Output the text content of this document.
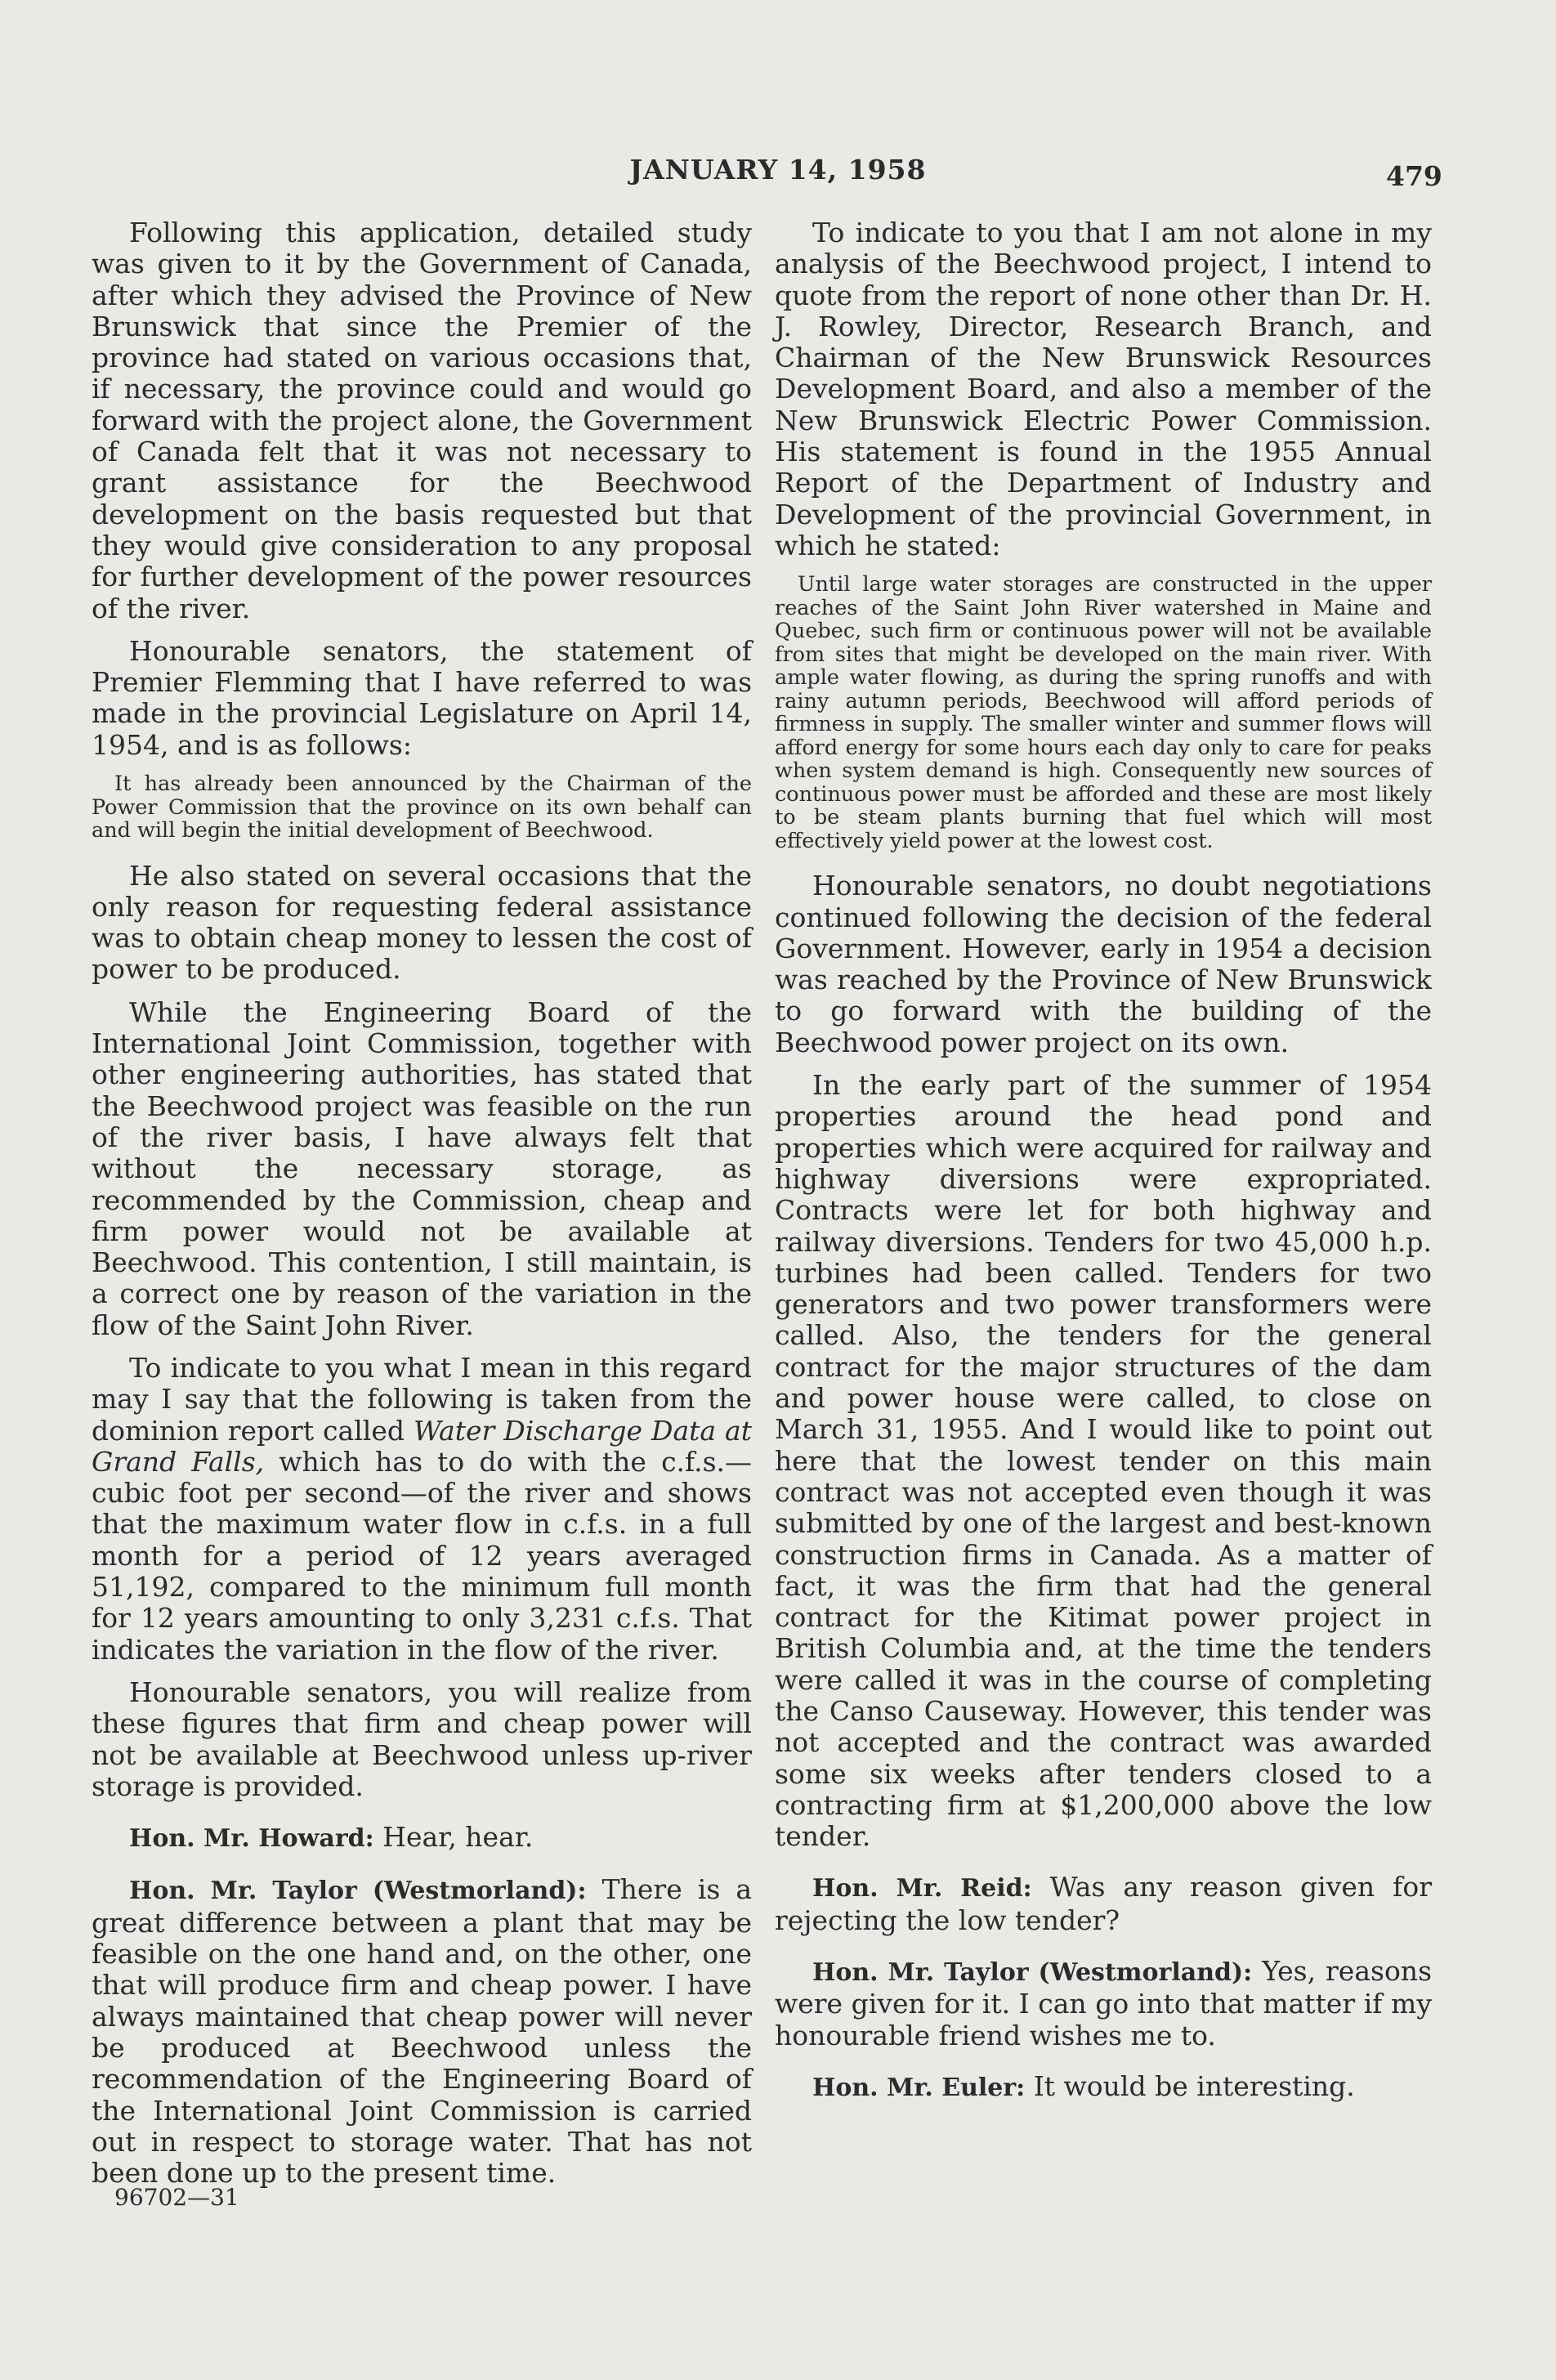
JANUARY 14, 1958	479

Following this application, detailed study was given to it by the Government of Canada, after which they advised the Province of New Brunswick that since the Premier of the province had stated on various occasions that, if necessary, the province could and would go forward with the project alone, the Government of Canada felt that it was not necessary to grant assistance for the Beechwood development on the basis requested but that they would give consideration to any proposal for further development of the power resources of the river.

Honourable senators, the statement of Premier Flemming that I have referred to was made in the provincial Legislature on April 14, 1954, and is as follows:

It has already been announced by the Chairman of the Power Commission that the province on its own behalf can and will begin the initial development of Beechwood.

He also stated on several occasions that the only reason for requesting federal assistance was to obtain cheap money to lessen the cost of power to be produced.

While the Engineering Board of the International Joint Commission, together with other engineering authorities, has stated that the Beechwood project was feasible on the run of the river basis, I have always felt that without the necessary storage, as recommended by the Commission, cheap and firm power would not be available at Beechwood. This contention, I still maintain, is a correct one by reason of the variation in the flow of the Saint John River.

To indicate to you what I mean in this regard may I say that the following is taken from the dominion report called Water Discharge Data at Grand Falls, which has to do with the c.f.s.—cubic foot per second—of the river and shows that the maximum water flow in c.f.s. in a full month for a period of 12 years averaged 51,192, compared to the minimum full month for 12 years amounting to only 3,231 c.f.s. That indicates the variation in the flow of the river.

Honourable senators, you will realize from these figures that firm and cheap power will not be available at Beechwood unless up-river storage is provided.

Hon. Mr. Howard: Hear, hear.

Hon. Mr. Taylor (Westmorland): There is a great difference between a plant that may be feasible on the one hand and, on the other, one that will produce firm and cheap power. I have always maintained that cheap power will never be produced at Beechwood unless the recommendation of the Engineering Board of the International Joint Commission is carried out in respect to storage water. That has not been done up to the present time.

To indicate to you that I am not alone in my analysis of the Beechwood project, I intend to quote from the report of none other than Dr. H. J. Rowley, Director, Research Branch, and Chairman of the New Brunswick Resources Development Board, and also a member of the New Brunswick Electric Power Commission. His statement is found in the 1955 Annual Report of the Department of Industry and Development of the provincial Government, in which he stated:

Until large water storages are constructed in the upper reaches of the Saint John River watershed in Maine and Quebec, such firm or continuous power will not be available from sites that might be developed on the main river. With ample water flowing, as during the spring runoffs and with rainy autumn periods, Beechwood will afford periods of firmness in supply. The smaller winter and summer flows will afford energy for some hours each day only to care for peaks when system demand is high. Consequently new sources of continuous power must be afforded and these are most likely to be steam plants burning that fuel which will most effectively yield power at the lowest cost.

Honourable senators, no doubt negotiations continued following the decision of the federal Government. However, early in 1954 a decision was reached by the Province of New Brunswick to go forward with the building of the Beechwood power project on its own.

In the early part of the summer of 1954 properties around the head pond and properties which were acquired for railway and highway diversions were expropriated. Contracts were let for both highway and railway diversions. Tenders for two 45,000 h.p. turbines had been called. Tenders for two generators and two power transformers were called. Also, the tenders for the general contract for the major structures of the dam and power house were called, to close on March 31, 1955. And I would like to point out here that the lowest tender on this main contract was not accepted even though it was submitted by one of the largest and best-known construction firms in Canada. As a matter of fact, it was the firm that had the general contract for the Kitimat power project in British Columbia and, at the time the tenders were called it was in the course of completing the Canso Causeway. However, this tender was not accepted and the contract was awarded some six weeks after tenders closed to a contracting firm at $1,200,000 above the low tender.

Hon. Mr. Reid: Was any reason given for rejecting the low tender?

Hon. Mr. Taylor (Westmorland): Yes, reasons were given for it. I can go into that matter if my honourable friend wishes me to.

Hon. Mr. Euler: It would be interesting.

96702—31
